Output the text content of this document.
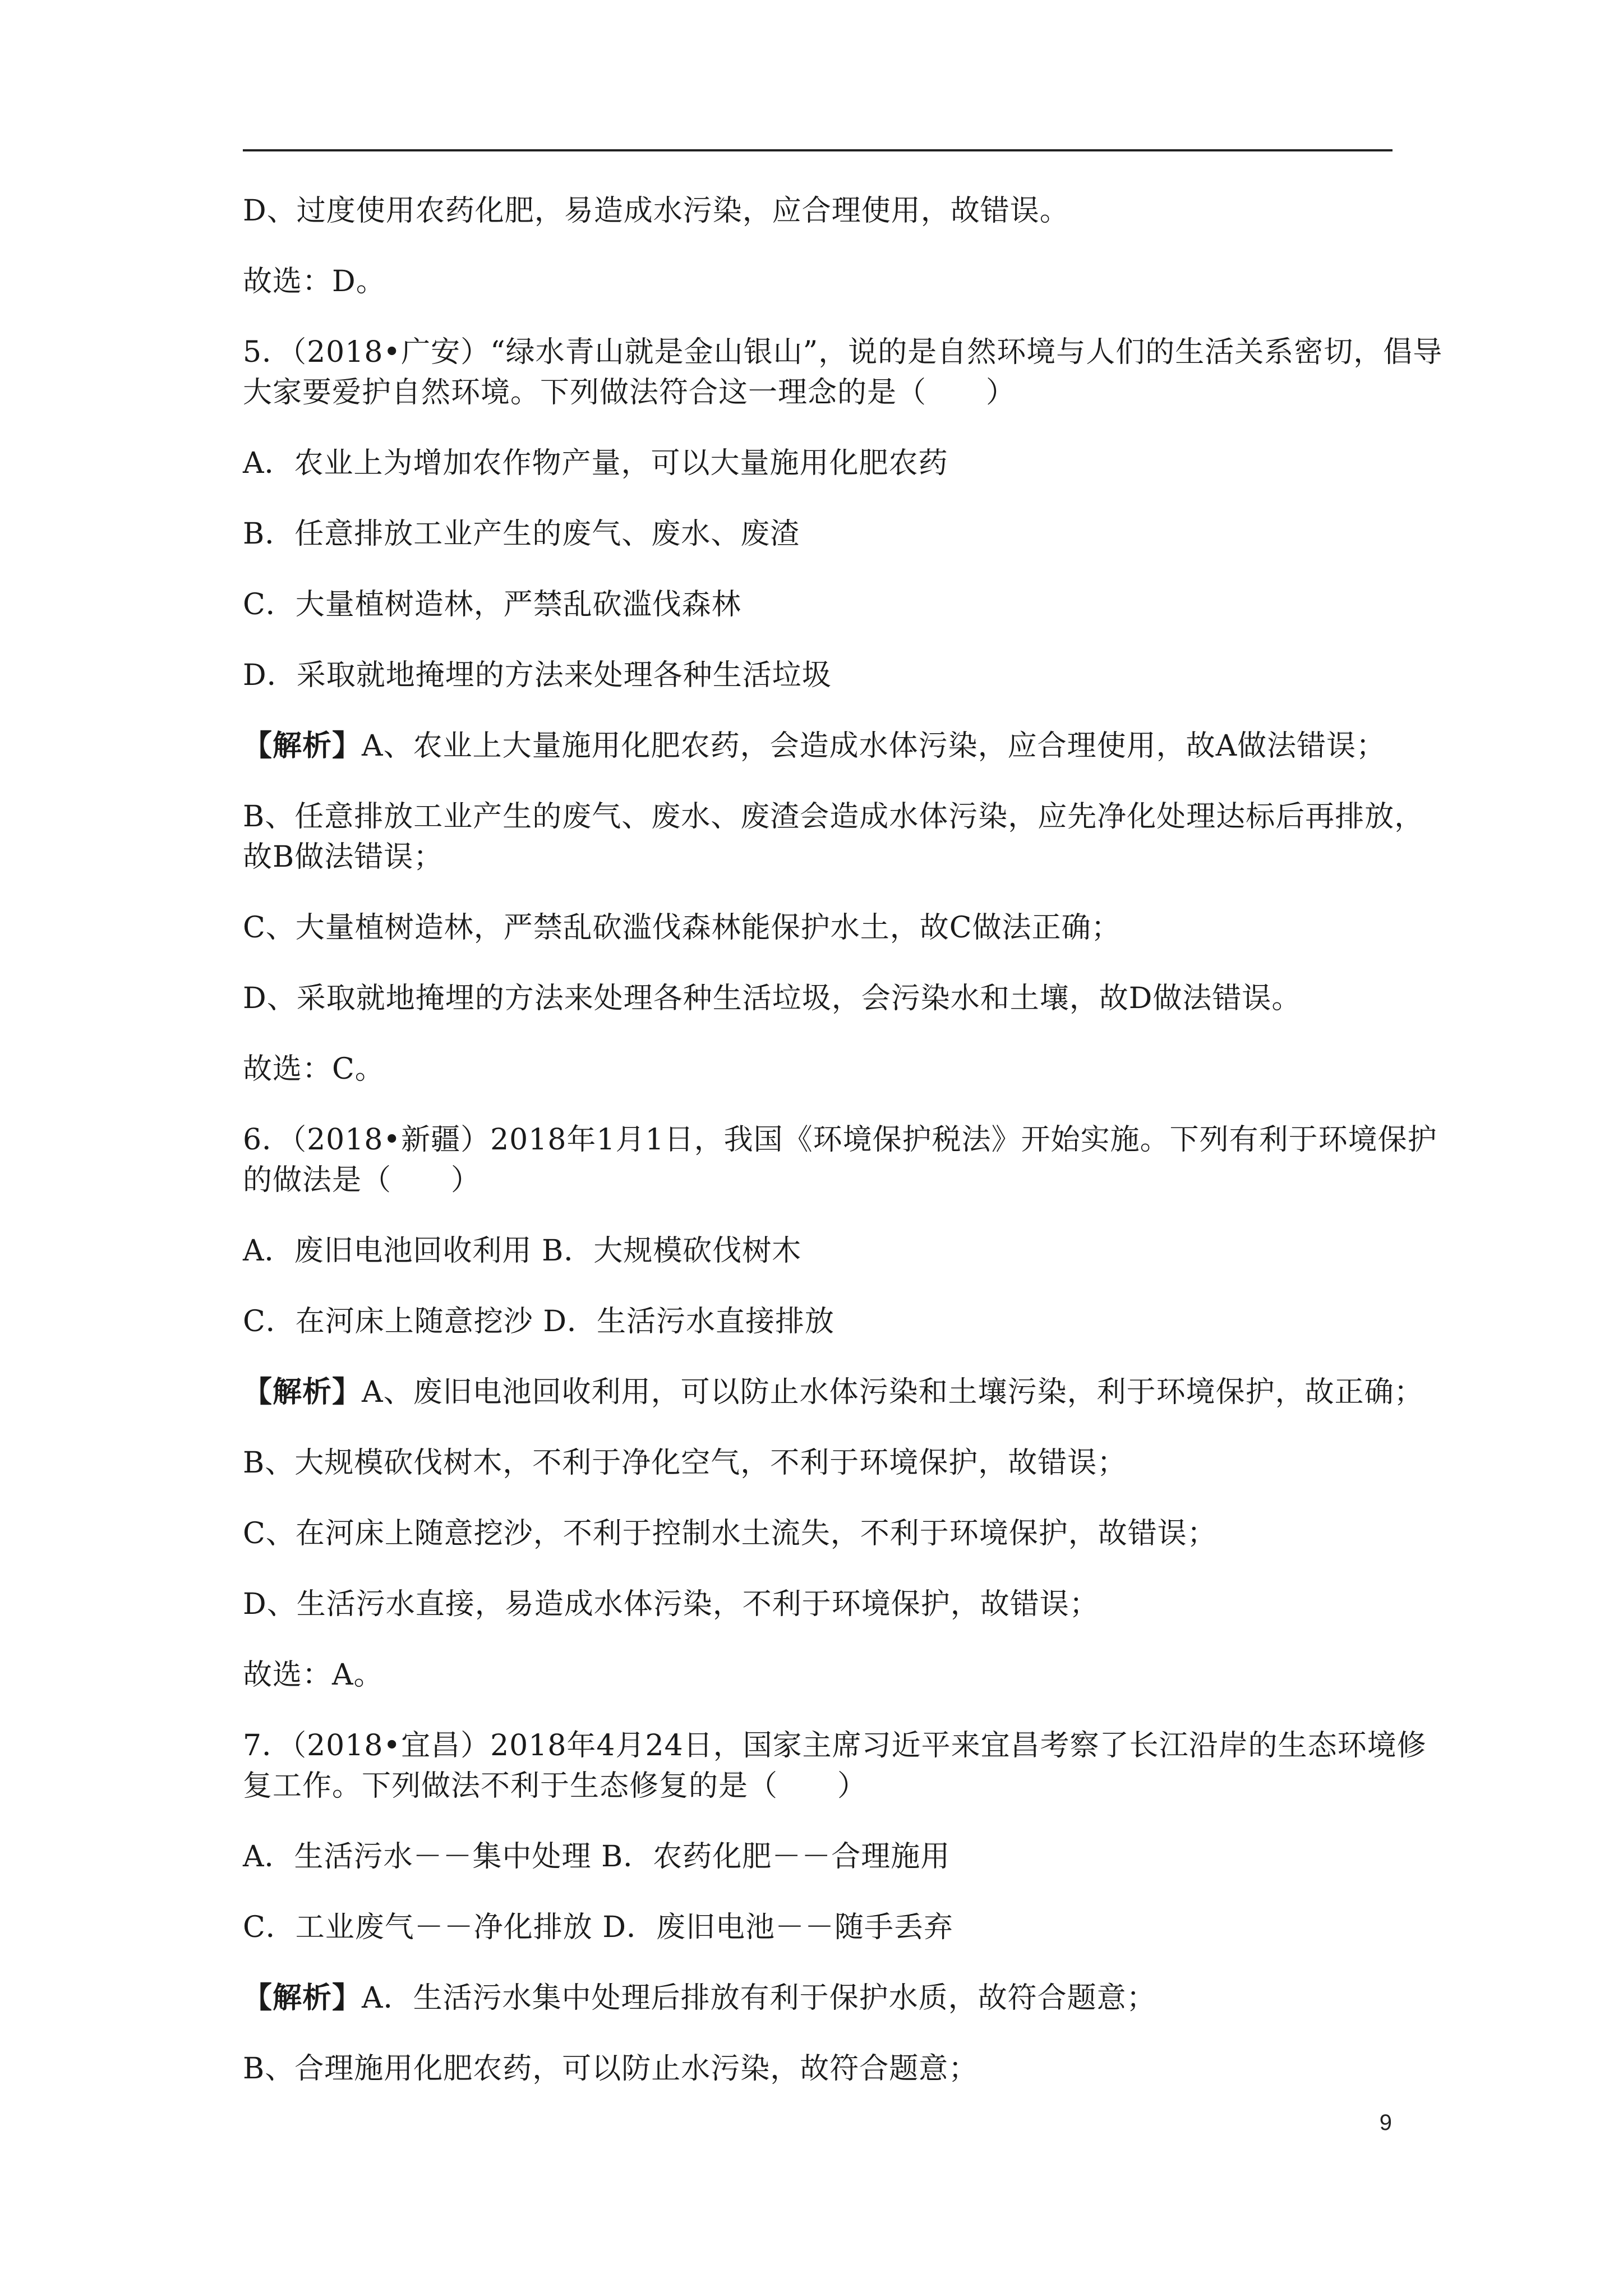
D、过度使用农药化肥，易造成水污染，应合理使用，故错误。

故选：D。

5．（2018•广安）“绿水青山就是金山银山”，说的是自然环境与人们的生活关系密切，倡导

大家要爱护自然环境。下列做法符合这一理念的是（　　）

A．农业上为增加农作物产量，可以大量施用化肥农药

B．任意排放工业产生的废气、废水、废渣

C．大量植树造林，严禁乱砍滥伐森林

D．采取就地掩埋的方法来处理各种生活垃圾

【解析】A、农业上大量施用化肥农药，会造成水体污染，应合理使用，故A做法错误；

B、任意排放工业产生的废气、废水、废渣会造成水体污染，应先净化处理达标后再排放，

故B做法错误；

C、大量植树造林，严禁乱砍滥伐森林能保护水土，故C做法正确；

D、采取就地掩埋的方法来处理各种生活垃圾，会污染水和土壤，故D做法错误。

故选：C。

6．（2018•新疆）2018年1月1日，我国《环境保护税法》开始实施。下列有利于环境保护

的做法是（　　）

A．废旧电池回收利用 B．大规模砍伐树木

C．在河床上随意挖沙 D．生活污水直接排放

【解析】A、废旧电池回收利用，可以防止水体污染和土壤污染，利于环境保护，故正确；

B、大规模砍伐树木，不利于净化空气，不利于环境保护，故错误；

C、在河床上随意挖沙，不利于控制水土流失，不利于环境保护，故错误；

D、生活污水直接，易造成水体污染，不利于环境保护，故错误；

故选：A。

7．（2018•宜昌）2018年4月24日，国家主席习近平来宜昌考察了长江沿岸的生态环境修

复工作。下列做法不利于生态修复的是（　　）

A．生活污水－－集中处理 B．农药化肥－－合理施用

C．工业废气－－净化排放 D．废旧电池－－随手丢弃

【解析】A．生活污水集中处理后排放有利于保护水质，故符合题意；

B、合理施用化肥农药，可以防止水污染，故符合题意；

9
